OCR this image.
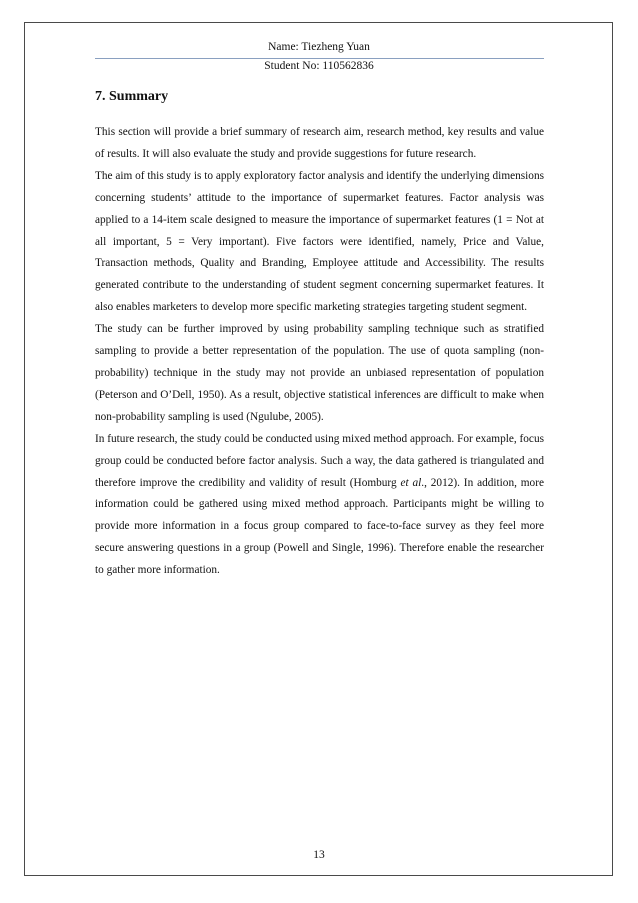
Name: Tiezheng Yuan
Student No: 110562836
7. Summary

This section will provide a brief summary of research aim, research method, key results and value of results. It will also evaluate the study and provide suggestions for future research.

The aim of this study is to apply exploratory factor analysis and identify the underlying dimensions concerning students’ attitude to the importance of supermarket features. Factor analysis was applied to a 14-item scale designed to measure the importance of supermarket features (1 = Not at all important, 5 = Very important). Five factors were identified, namely, Price and Value, Transaction methods, Quality and Branding, Employee attitude and Accessibility. The results generated contribute to the understanding of student segment concerning supermarket features. It also enables marketers to develop more specific marketing strategies targeting student segment.

The study can be further improved by using probability sampling technique such as stratified sampling to provide a better representation of the population. The use of quota sampling (non-probability) technique in the study may not provide an unbiased representation of population (Peterson and O’Dell, 1950). As a result, objective statistical inferences are difficult to make when non-probability sampling is used (Ngulube, 2005).

In future research, the study could be conducted using mixed method approach. For example, focus group could be conducted before factor analysis. Such a way, the data gathered is triangulated and therefore improve the credibility and validity of result (Homburg et al., 2012). In addition, more information could be gathered using mixed method approach. Participants might be willing to provide more information in a focus group compared to face-to-face survey as they feel more secure answering questions in a group (Powell and Single, 1996). Therefore enable the researcher to gather more information.

13
